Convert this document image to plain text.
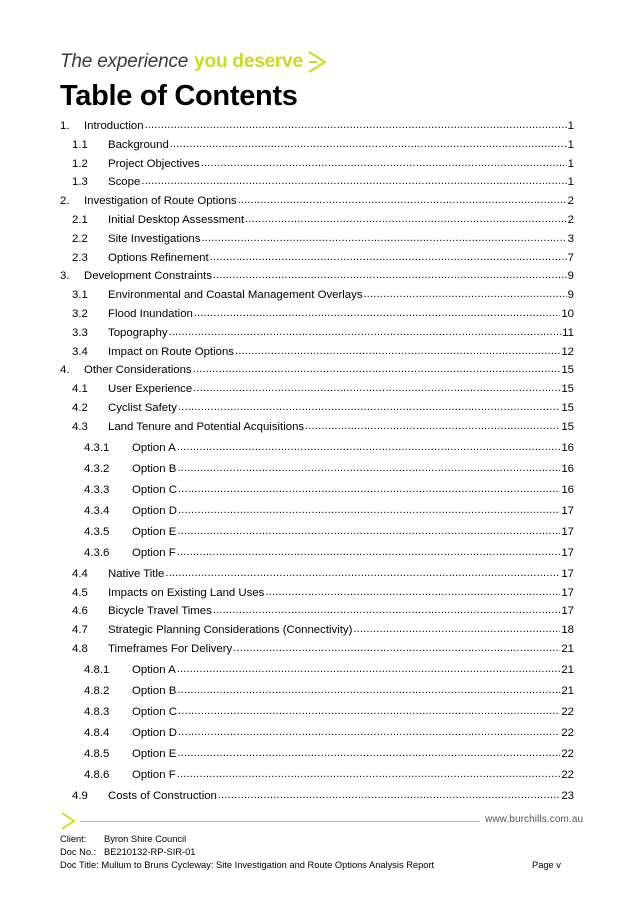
The experience you deserve
Table of Contents
1.	Introduction .....	1
1.1	Background .....	1
1.2	Project Objectives .....	1
1.3	Scope .....	1
2.	Investigation of Route Options .....	2
2.1	Initial Desktop Assessment .....	2
2.2	Site Investigations .....	3
2.3	Options Refinement .....	7
3.	Development Constraints .....	9
3.1	Environmental and Coastal Management Overlays .....	9
3.2	Flood Inundation .....	10
3.3	Topography .....	11
3.4	Impact on Route Options .....	12
4.	Other Considerations .....	15
4.1	User Experience .....	15
4.2	Cyclist Safety .....	15
4.3	Land Tenure and Potential Acquisitions .....	15
4.3.1	Option A .....	16
4.3.2	Option B .....	16
4.3.3	Option C .....	16
4.3.4	Option D .....	17
4.3.5	Option E .....	17
4.3.6	Option F .....	17
4.4	Native Title .....	17
4.5	Impacts on Existing Land Uses .....	17
4.6	Bicycle Travel Times .....	17
4.7	Strategic Planning Considerations (Connectivity) .....	18
4.8	Timeframes For Delivery .....	21
4.8.1	Option A .....	21
4.8.2	Option B .....	21
4.8.3	Option C .....	22
4.8.4	Option D .....	22
4.8.5	Option E .....	22
4.8.6	Option F .....	22
4.9	Costs of Construction .....	23
www.burchills.com.au
Client: Byron Shire Council
Doc No.: BE210132-RP-SIR-01
Doc Title: Mullum to Bruns Cycleway: Site Investigation and Route Options Analysis Report	Page v
